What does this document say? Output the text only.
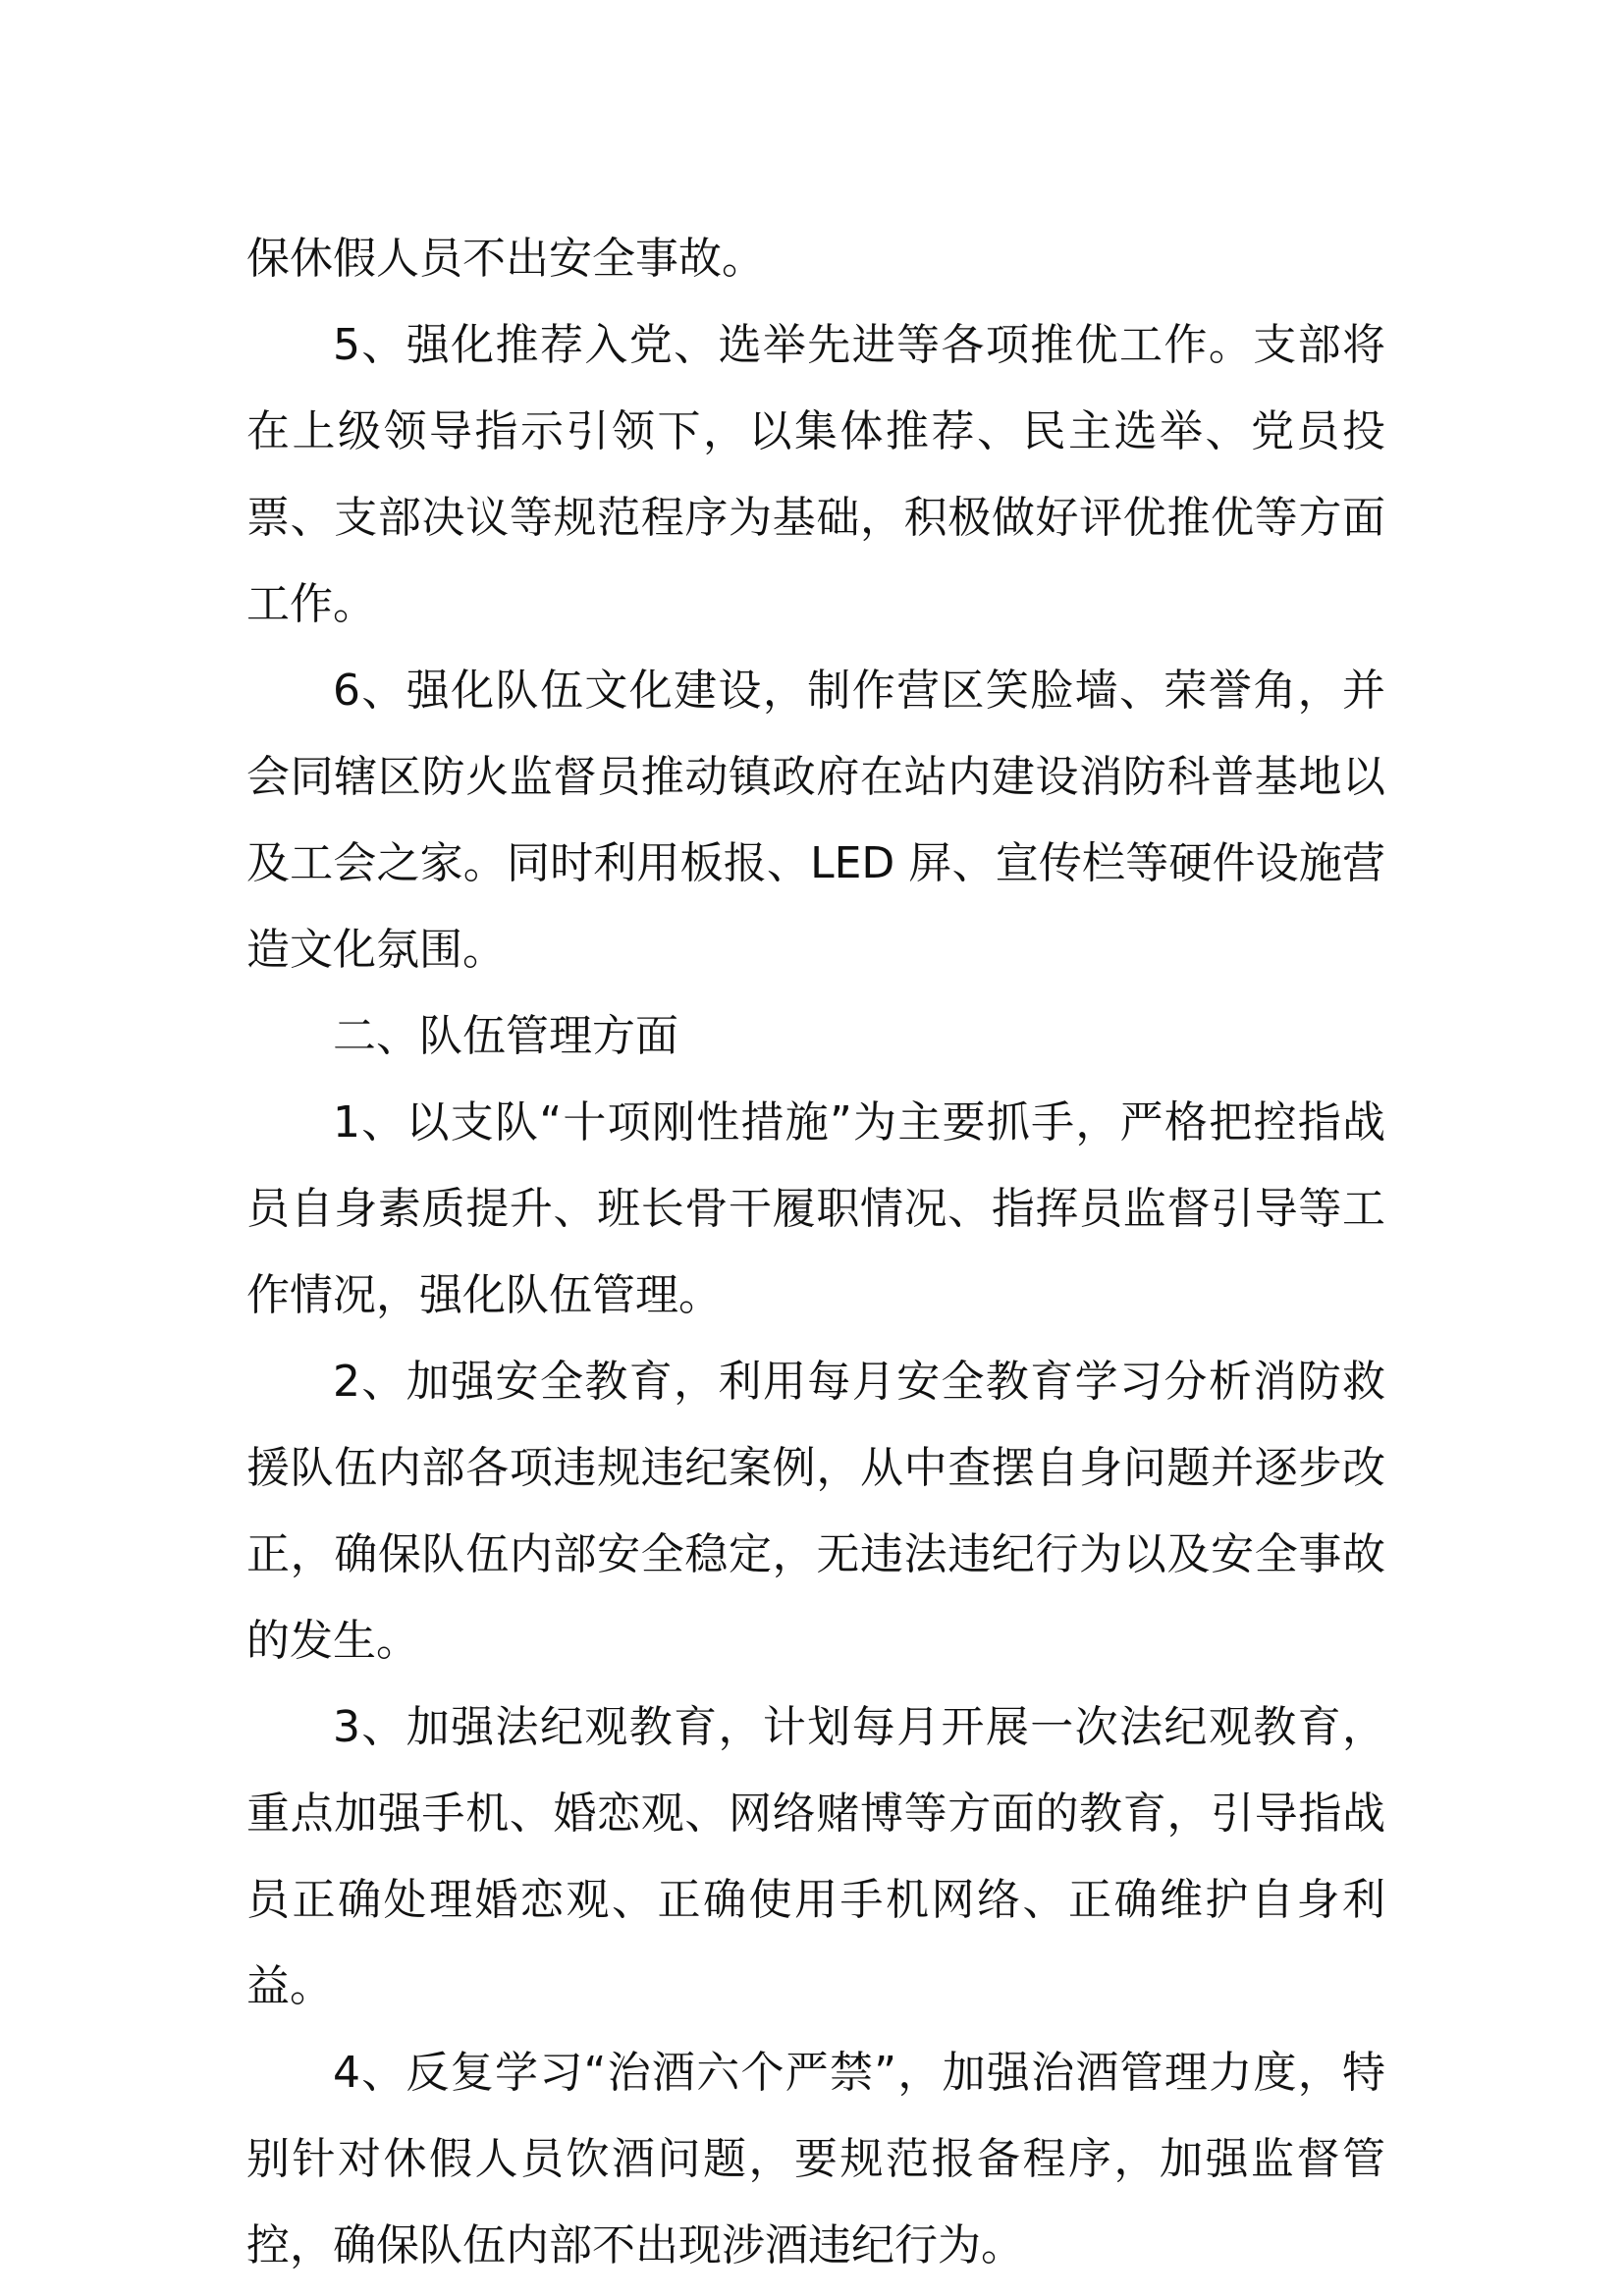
保休假人员不出安全事故。

5、强化推荐入党、选举先进等各项推优工作。支部将在上级领导指示引领下，以集体推荐、民主选举、党员投票、支部决议等规范程序为基础，积极做好评优推优等方面工作。

6、强化队伍文化建设，制作营区笑脸墙、荣誉角，并会同辖区防火监督员推动镇政府在站内建设消防科普基地以及工会之家。同时利用板报、LED 屏、宣传栏等硬件设施营造文化氛围。

二、队伍管理方面

1、以支队“十项刚性措施”为主要抓手，严格把控指战员自身素质提升、班长骨干履职情况、指挥员监督引导等工作情况，强化队伍管理。

2、加强安全教育，利用每月安全教育学习分析消防救援队伍内部各项违规违纪案例，从中查摆自身问题并逐步改正，确保队伍内部安全稳定，无违法违纪行为以及安全事故的发生。

3、加强法纪观教育，计划每月开展一次法纪观教育，重点加强手机、婚恋观、网络赌博等方面的教育，引导指战员正确处理婚恋观、正确使用手机网络、正确维护自身利益。

4、反复学习“治酒六个严禁”，加强治酒管理力度，特别针对休假人员饮酒问题，要规范报备程序，加强监督管控，确保队伍内部不出现涉酒违纪行为。
